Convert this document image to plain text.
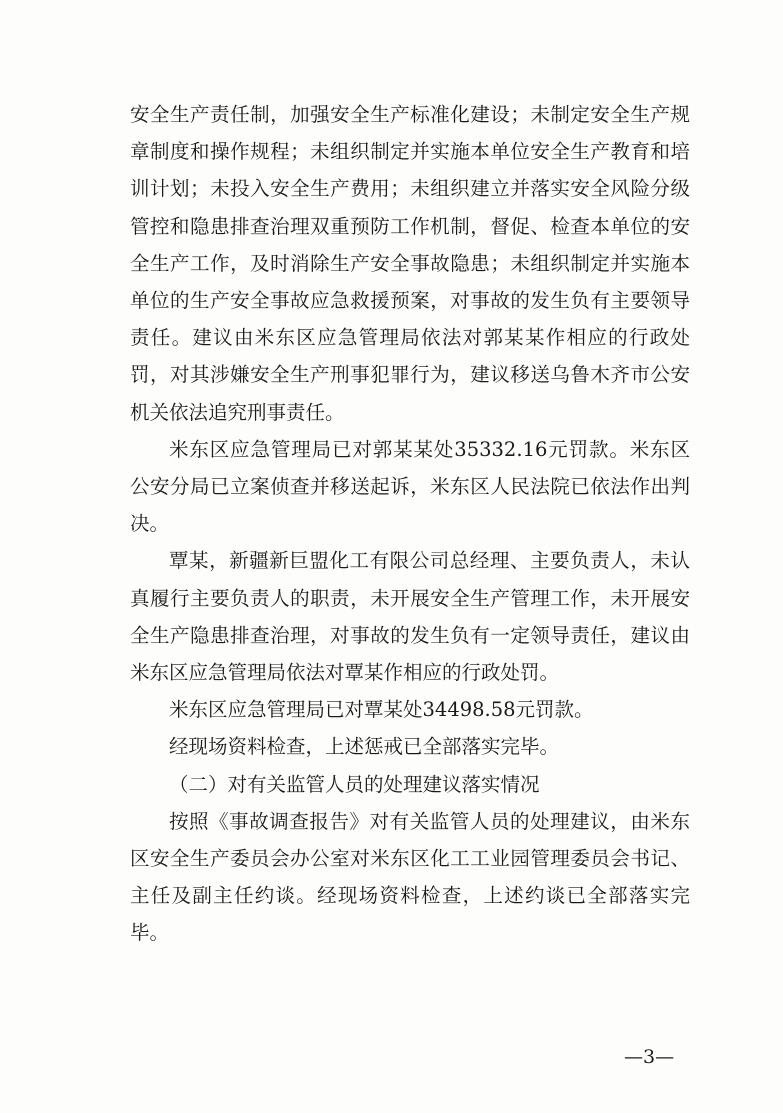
安全生产责任制，加强安全生产标准化建设；未制定安全生产规章制度和操作规程；未组织制定并实施本单位安全生产教育和培训计划；未投入安全生产费用；未组织建立并落实安全风险分级管控和隐患排查治理双重预防工作机制，督促、检查本单位的安全生产工作，及时消除生产安全事故隐患；未组织制定并实施本单位的生产安全事故应急救援预案，对事故的发生负有主要领导责任。建议由米东区应急管理局依法对郭某某作相应的行政处罚，对其涉嫌安全生产刑事犯罪行为，建议移送乌鲁木齐市公安机关依法追究刑事责任。

米东区应急管理局已对郭某某处35332.16元罚款。米东区公安分局已立案侦查并移送起诉，米东区人民法院已依法作出判决。

覃某，新疆新巨盟化工有限公司总经理、主要负责人，未认真履行主要负责人的职责，未开展安全生产管理工作，未开展安全生产隐患排查治理，对事故的发生负有一定领导责任，建议由米东区应急管理局依法对覃某作相应的行政处罚。

米东区应急管理局已对覃某处34498.58元罚款。

经现场资料检查，上述惩戒已全部落实完毕。

（二）对有关监管人员的处理建议落实情况

按照《事故调查报告》对有关监管人员的处理建议，由米东区安全生产委员会办公室对米东区化工工业园管理委员会书记、主任及副主任约谈。经现场资料检查，上述约谈已全部落实完毕。

—3—
